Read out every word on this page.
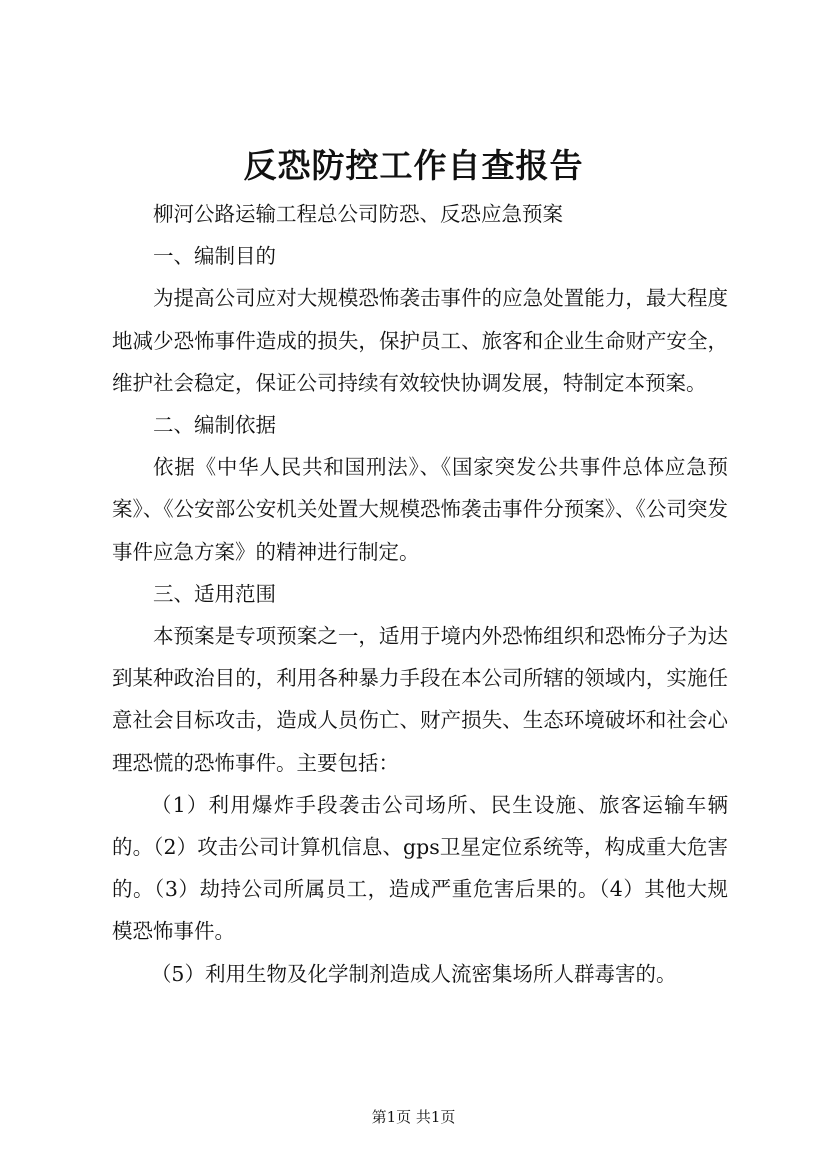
反恐防控工作自查报告

柳河公路运输工程总公司防恐、反恐应急预案

一、编制目的

为提高公司应对大规模恐怖袭击事件的应急处置能力，最大程度地减少恐怖事件造成的损失，保护员工、旅客和企业生命财产安全，维护社会稳定，保证公司持续有效较快协调发展，特制定本预案。

二、编制依据

依据《中华人民共和国刑法》、《国家突发公共事件总体应急预案》、《公安部公安机关处置大规模恐怖袭击事件分预案》、《公司突发事件应急方案》的精神进行制定。

三、适用范围

本预案是专项预案之一，适用于境内外恐怖组织和恐怖分子为达到某种政治目的，利用各种暴力手段在本公司所辖的领域内，实施任意社会目标攻击，造成人员伤亡、财产损失、生态环境破坏和社会心理恐慌的恐怖事件。主要包括：

（1）利用爆炸手段袭击公司场所、民生设施、旅客运输车辆的。（2）攻击公司计算机信息、gps卫星定位系统等，构成重大危害的。（3）劫持公司所属员工，造成严重危害后果的。（4）其他大规模恐怖事件。

（5）利用生物及化学制剂造成人流密集场所人群毒害的。

第1页 共1页
